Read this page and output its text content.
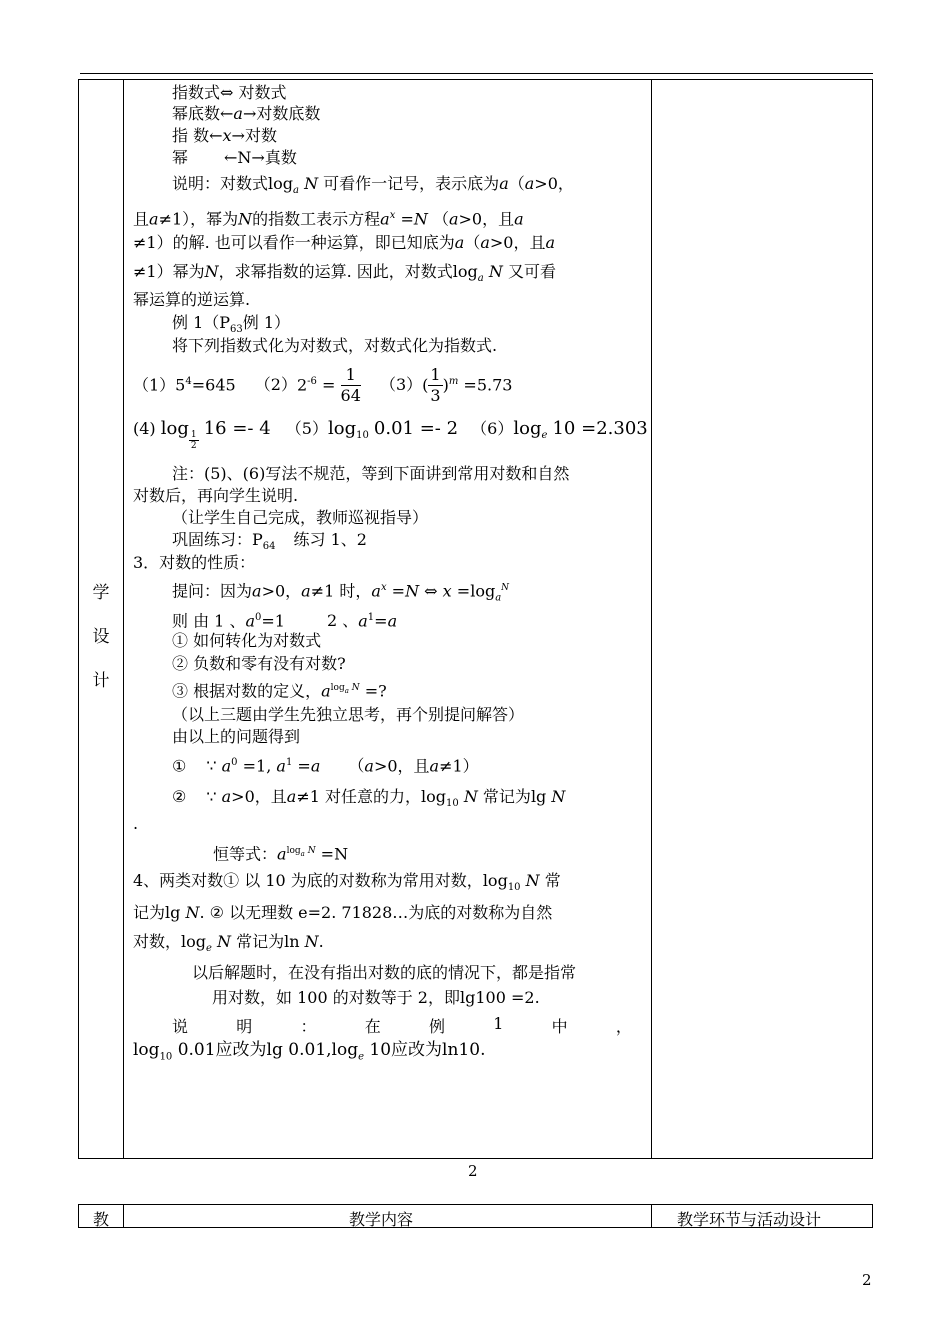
学
设
计
指数式⇔ 对数式
幂底数←a→对数底数
指 数←x→对数
幂 ←N→真数
说明：对数式$\log_a N$ 可看作一记号，表示底为a（a>0，
且a≠1），幂为N的指数工表示方程$a^x =N$ （a>0，且a
≠1）的解. 也可以看作一种运算，即已知底为a（a>0，且a
≠1）幂为N，求幂指数的运算. 因此，对数式$\log_a N$ 又可看
幂运算的逆运算.
例 $1(P_{63}$例 1）
将下列指数式化为对数式，对数式化为指数式.
$(1)5^4=645$ $(2)2^{-6} = \frac{1}{64} (3)( \frac{1}{3} )^m =5.73$
(4) log
$\frac{1}{2}$
16 =- 4 $(5)\log_{10}$ 0.01 =- 2 $(6)\log_e$ 10 =2.303
注：(5)、(6)写法不规范，等到下面讲到常用对数和自然
对数后，再向学生说明.
（让学生自己完成，教师巡视指导）
巩固练习：$P_{64}$ 练习 1、2
3．对数的性质：
提问：因为a>0，a≠1 时，$a^x =N$ ⇔ $x =\log_a^N$
则 由 1 、$a^0=1$	2 、$a^1=a$
① 如何转化为对数式
② 负数和零有没有对数?
③ 根据对数的定义，$a^{log_a N}$ =?
（以上三题由学生先独立思考，再个别提问解答）
由以上的问题得到
① ∵ $a^0 =1$, $a^1 =a$ （a>0，且a≠1）
② ∵ a>0，且a≠1 对任意的力，$\log_{10} N$ 常记为lg N
.
恒等式：$a^{log_a N} =N$
4、两类对数① 以 10 为底的对数称为常用对数，$\log_{10} N$ 常
记为lg N. ② 以无理数 e=2. 71828…为底的对数称为自然
对数，$\log_e N$ 常记为ln N.
以后解题时，在没有指出对数的底的情况下，都是指常
用对数，如 100 的对数等于 2，即lg100 =2.
说	明	：	在	例	1	中	，
$\log_{10} 0.01$应改为$\lg 0.01,\log_e$ 10应改为ln10.
2
教	教学内容	教学环节与活动设计
2
